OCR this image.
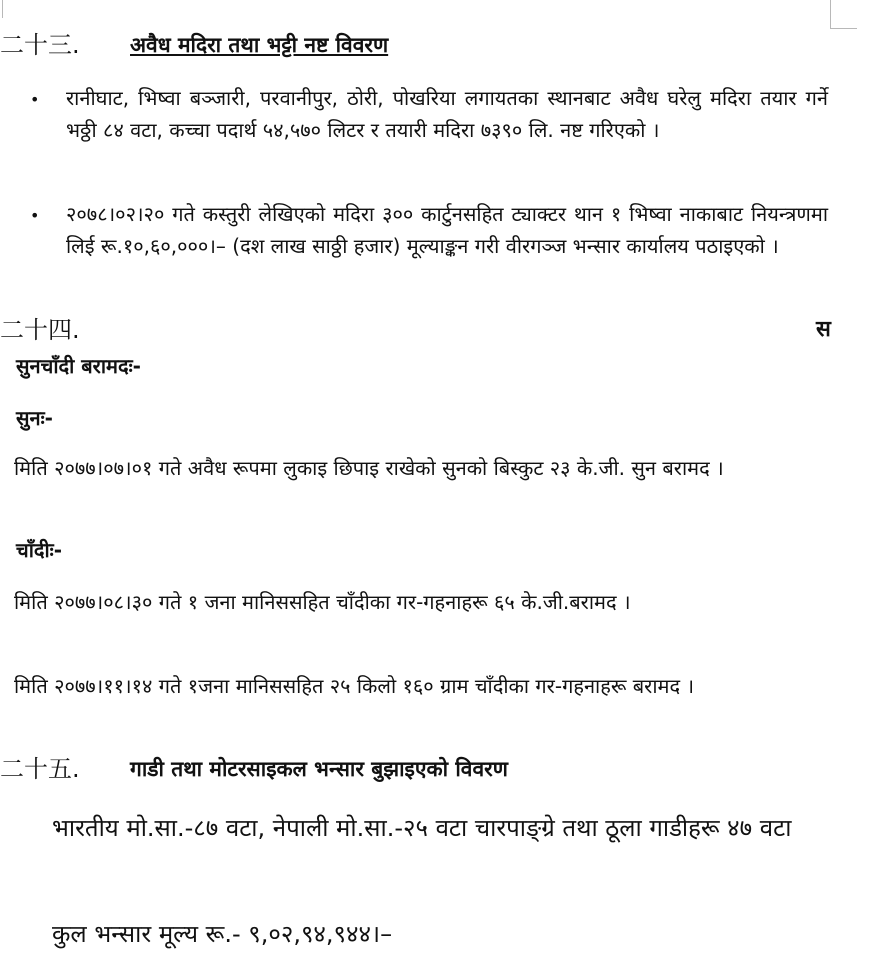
二十三. अवैध मदिरा तथा भट्टी नष्ट विवरण
• रानीघाट, भिष्वा बञ्जारी, परवानीपुर, ठोरी, पोखरिया लगायतका स्थानबाट अवैध घरेलु मदिरा तयार गर्ने भठ्ठी ८४ वटा, कच्चा पदार्थ ५४,५७० लिटर र तयारी मदिरा ७३९० लि. नष्ट गरिएको ।
• २०७८।०२।२० गते कस्तुरी लेखिएको मदिरा ३०० कार्टुनसहित ट्याक्टर थान १ भिष्वा नाकाबाट नियन्त्रणमा लिई रू.१०,६०,०००।– (दश लाख साठ्ठी हजार) मूल्याङ्कन गरी वीरगञ्ज भन्सार कार्यालय पठाइएको ।
二十四.	स
सुनचाँदी बरामदः-
सुनः-
मिति २०७७।०७।०१ गते अवैध रूपमा लुकाइ छिपाइ राखेको सुनको बिस्कुट २३ के.जी. सुन बरामद ।
चाँदीः-
मिति २०७७।०८।३० गते १ जना मानिससहित चाँदीका गर-गहनाहरू ६५ के.जी.बरामद ।
मिति २०७७।११।१४ गते १जना मानिससहित २५ किलो १६० ग्राम चाँदीका गर-गहनाहरू बरामद ।
二十五. गाडी तथा मोटरसाइकल भन्सार बुझाइएको विवरण
भारतीय मो.सा.-८७ वटा, नेपाली मो.सा.-२५ वटा चारपाङ्ग्रे तथा ठूला गाडीहरू ४७ वटा
कुल भन्सार मूल्य रू.- ९,०२,९४,९४४।–
